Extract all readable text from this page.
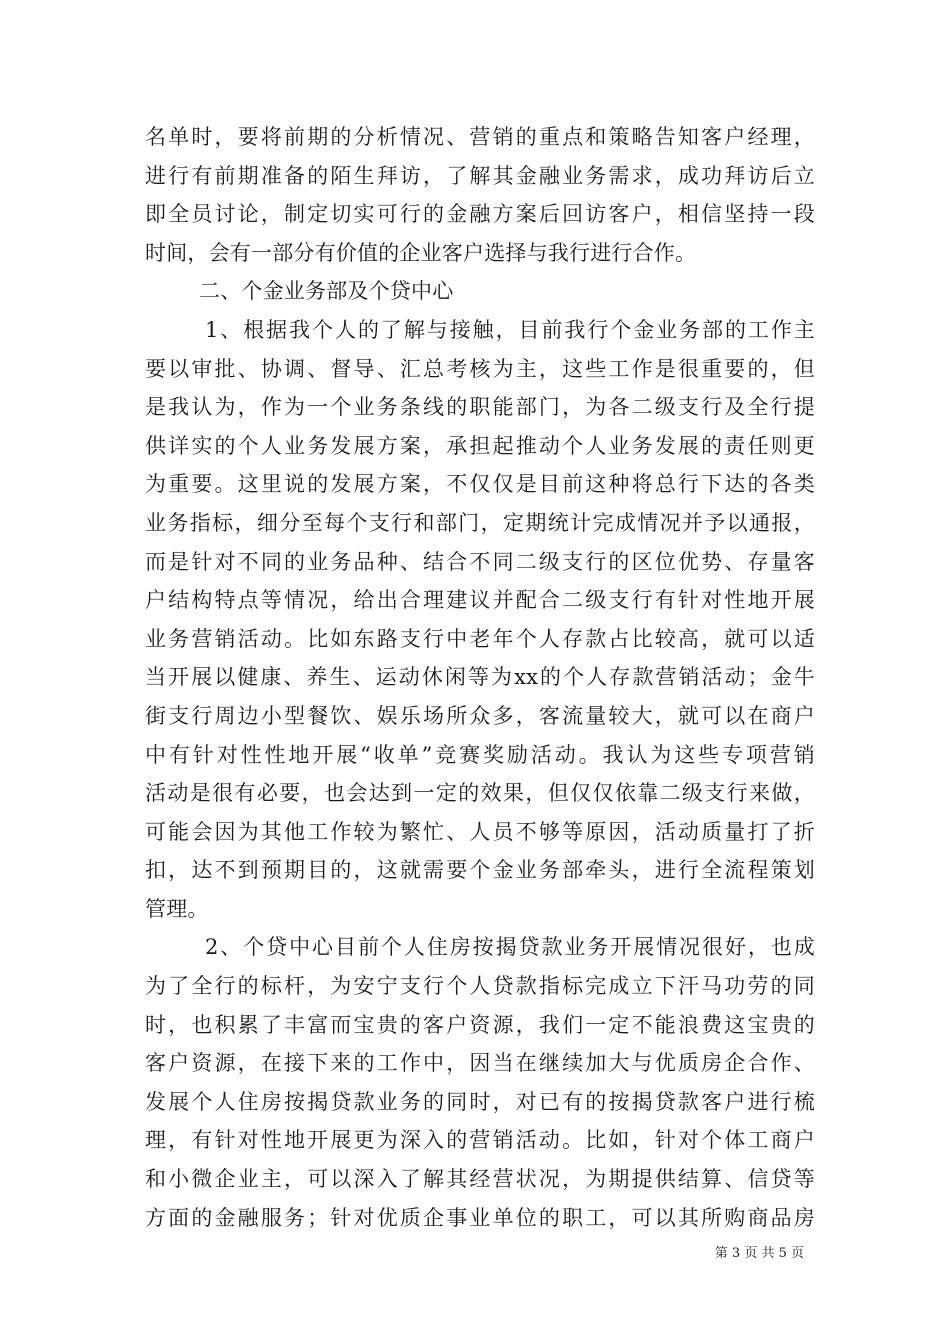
名单时，要将前期的分析情况、营销的重点和策略告知客户经理，
进行有前期准备的陌生拜访，了解其金融业务需求，成功拜访后立
即全员讨论，制定切实可行的金融方案后回访客户，相信坚持一段
时间，会有一部分有价值的企业客户选择与我行进行合作。
二、个金业务部及个贷中心
1、根据我个人的了解与接触，目前我行个金业务部的工作主
要以审批、协调、督导、汇总考核为主，这些工作是很重要的，但
是我认为，作为一个业务条线的职能部门，为各二级支行及全行提
供详实的个人业务发展方案，承担起推动个人业务发展的责任则更
为重要。这里说的发展方案，不仅仅是目前这种将总行下达的各类
业务指标，细分至每个支行和部门，定期统计完成情况并予以通报，
而是针对不同的业务品种、结合不同二级支行的区位优势、存量客
户结构特点等情况，给出合理建议并配合二级支行有针对性地开展
业务营销活动。比如东路支行中老年个人存款占比较高，就可以适
当开展以健康、养生、运动休闲等为xx的个人存款营销活动；金牛
街支行周边小型餐饮、娱乐场所众多，客流量较大，就可以在商户
中有针对性性地开展“收单”竞赛奖励活动。我认为这些专项营销
活动是很有必要，也会达到一定的效果，但仅仅依靠二级支行来做，
可能会因为其他工作较为繁忙、人员不够等原因，活动质量打了折
扣，达不到预期目的，这就需要个金业务部牵头，进行全流程策划
管理。
2、个贷中心目前个人住房按揭贷款业务开展情况很好，也成
为了全行的标杆，为安宁支行个人贷款指标完成立下汗马功劳的同
时，也积累了丰富而宝贵的客户资源，我们一定不能浪费这宝贵的
客户资源，在接下来的工作中，因当在继续加大与优质房企合作、
发展个人住房按揭贷款业务的同时，对已有的按揭贷款客户进行梳
理，有针对性地开展更为深入的营销活动。比如，针对个体工商户
和小微企业主，可以深入了解其经营状况，为期提供结算、信贷等
方面的金融服务；针对优质企事业单位的职工，可以其所购商品房
第 3 页 共 5 页
